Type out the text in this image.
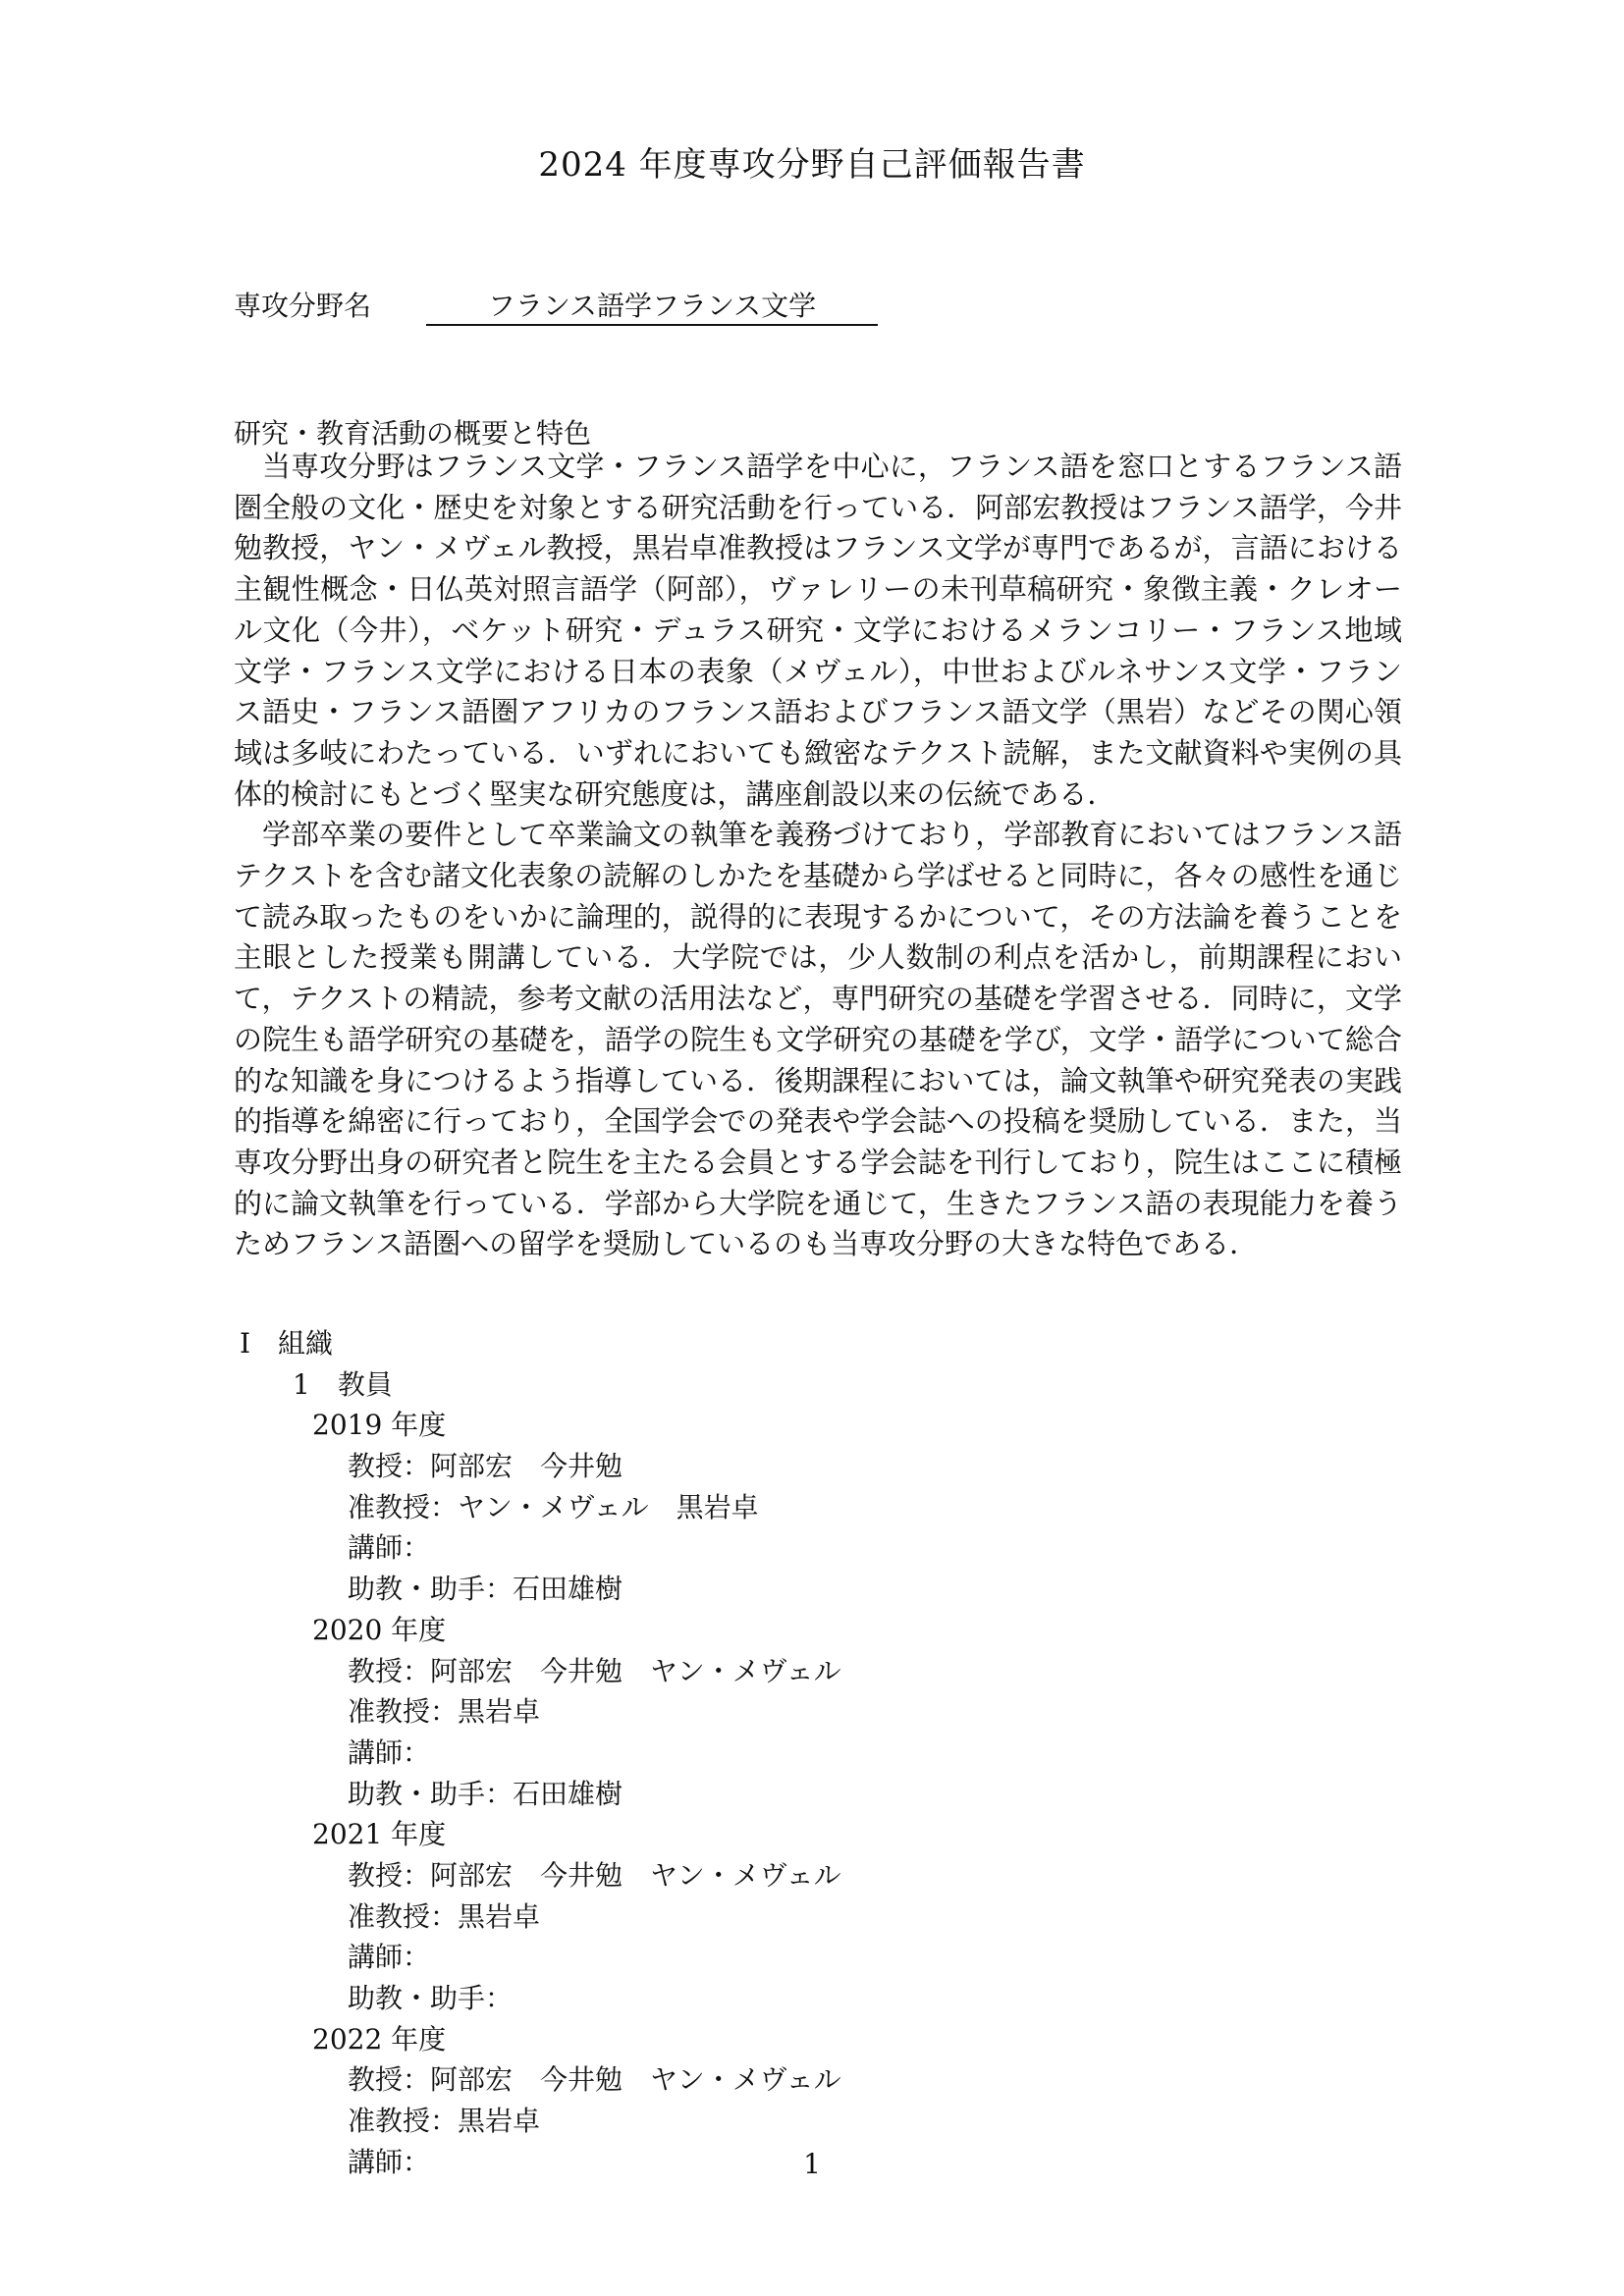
2024 年度専攻分野自己評価報告書
専攻分野名	フランス語学フランス文学
研究・教育活動の概要と特色

当専攻分野はフランス文学・フランス語学を中心に，フランス語を窓口とするフランス語圏全般の文化・歴史を対象とする研究活動を行っている．阿部宏教授はフランス語学，今井勉教授，ヤン・メヴェル教授，黒岩卓准教授はフランス文学が専門であるが，言語における主観性概念・日仏英対照言語学（阿部），ヴァレリーの未刊草稿研究・象徴主義・クレオール文化（今井），ベケット研究・デュラス研究・文学におけるメランコリー・フランス地域文学・フランス文学における日本の表象（メヴェル），中世およびルネサンス文学・フランス語史・フランス語圏アフリカのフランス語およびフランス語文学（黒岩）などその関心領域は多岐にわたっている．いずれにおいても緻密なテクスト読解，また文献資料や実例の具体的検討にもとづく堅実な研究態度は，講座創設以来の伝統である．

学部卒業の要件として卒業論文の執筆を義務づけており，学部教育においてはフランス語テクストを含む諸文化表象の読解のしかたを基礎から学ばせると同時に，各々の感性を通じて読み取ったものをいかに論理的，説得的に表現するかについて，その方法論を養うことを主眼とした授業も開講している．大学院では，少人数制の利点を活かし，前期課程において，テクストの精読，参考文献の活用法など，専門研究の基礎を学習させる．同時に，文学の院生も語学研究の基礎を，語学の院生も文学研究の基礎を学び，文学・語学について総合的な知識を身につけるよう指導している．後期課程においては，論文執筆や研究発表の実践的指導を綿密に行っており，全国学会での発表や学会誌への投稿を奨励している．また，当専攻分野出身の研究者と院生を主たる会員とする学会誌を刊行しており，院生はここに積極的に論文執筆を行っている．学部から大学院を通じて，生きたフランス語の表現能力を養うためフランス語圏への留学を奨励しているのも当専攻分野の大きな特色である．

Ⅰ　組織
1　教員
2019 年度
教授：阿部宏　今井勉
准教授：ヤン・メヴェル　黒岩卓
講師：
助教・助手：石田雄樹
2020 年度
教授：阿部宏　今井勉　ヤン・メヴェル
准教授：黒岩卓
講師：
助教・助手：石田雄樹
2021 年度
教授：阿部宏　今井勉　ヤン・メヴェル
准教授：黒岩卓
講師：
助教・助手：
2022 年度
教授：阿部宏　今井勉　ヤン・メヴェル
准教授：黒岩卓
講師：	1
